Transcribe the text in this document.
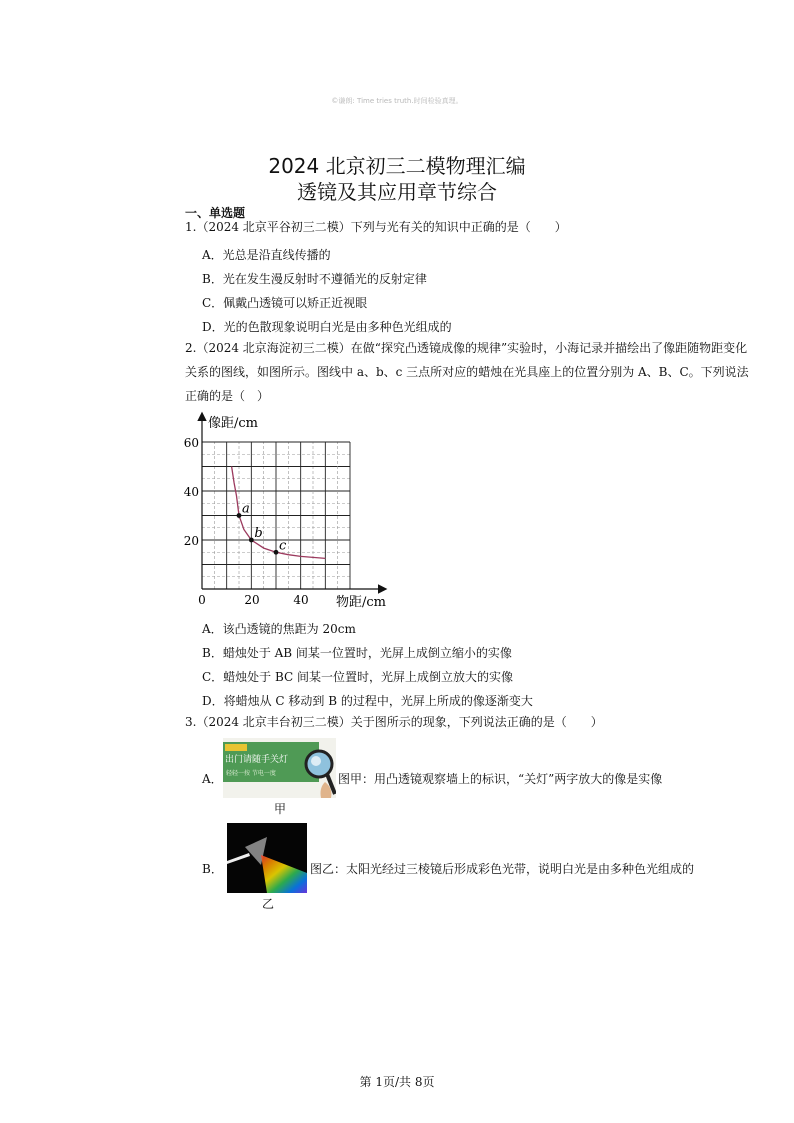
©谦朗: Time tries truth.时间检验真理。
2024 北京初三二模物理汇编
透镜及其应用章节综合
一、单选题
1.（2024 北京平谷初三二模）下列与光有关的知识中正确的是（　　）
A．光总是沿直线传播的
B．光在发生漫反射时不遵循光的反射定律
C．佩戴凸透镜可以矫正近视眼
D．光的色散现象说明白光是由多种色光组成的
2.（2024 北京海淀初三二模）在做“探究凸透镜成像的规律”实验时，小海记录并描绘出了像距随物距变化
关系的图线，如图所示。图线中 a、b、c 三点所对应的蜡烛在光具座上的位置分别为 A、B、C。下列说法
正确的是（　）
像距/cm
物距/cm
0	20	40
20
40
60
a
b
c
A．该凸透镜的焦距为 20cm
B．蜡烛处于 AB 间某一位置时，光屏上成倒立缩小的实像
C．蜡烛处于 BC 间某一位置时，光屏上成倒立放大的实像
D．将蜡烛从 C 移动到 B 的过程中，光屏上所成的像逐渐变大
3.（2024 北京丰台初三二模）关于图所示的现象，下列说法正确的是（　　）
A．
出门请随手关灯
轻轻一按 节电一度	图甲：用凸透镜观察墙上的标识，“关灯”两字放大的像是实像
甲
B．	图乙：太阳光经过三棱镜后形成彩色光带，说明白光是由多种色光组成的
乙
第 1页/共 8页
